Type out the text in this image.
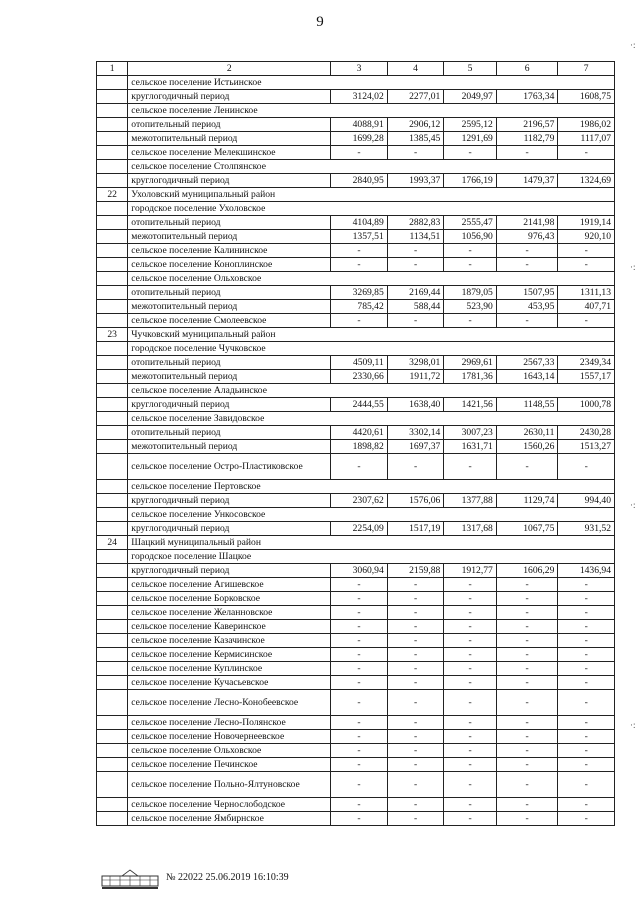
9
1	2	3	4	5	6	7
	сельское поселение Истьинское					
	круглогодичный период	3124,02	2277,01	2049,97	1763,34	1608,75
	сельское поселение Ленинское					
	отопительный период	4088,91	2906,12	2595,12	2196,57	1986,02
	межотопительный период	1699,28	1385,45	1291,69	1182,79	1117,07
	сельское поселение Мелекшинское	-	-	-	-	-
	сельское поселение Столпянское					
	круглогодичный период	2840,95	1993,37	1766,19	1479,37	1324,69
22	Ухоловский муниципальный район					
	городское поселение Ухоловское					
	отопительный период	4104,89	2882,83	2555,47	2141,98	1919,14
	межотопительный период	1357,51	1134,51	1056,90	976,43	920,10
	сельское поселение Калининское	-	-	-	-	-
	сельское поселение Коноплинское	-	-	-	-	-
	сельское поселение Ольховское					
	отопительный период	3269,85	2169,44	1879,05	1507,95	1311,13
	межотопительный период	785,42	588,44	523,90	453,95	407,71
	сельское поселение Смолеевское	-	-	-	-	-
23	Чучковский муниципальный район					
	городское поселение Чучковское					
	отопительный период	4509,11	3298,01	2969,61	2567,33	2349,34
	межотопительный период	2330,66	1911,72	1781,36	1643,14	1557,17
	сельское поселение Аладьинское					
	круглогодичный период	2444,55	1638,40	1421,56	1148,55	1000,78
	сельское поселение Завидовское					
	отопительный период	4420,61	3302,14	3007,23	2630,11	2430,28
	межотопительный период	1898,82	1697,37	1631,71	1560,26	1513,27
	сельское поселение Остро-Пластиковское	-	-	-	-	-
	сельское поселение Пертовское					
	круглогодичный период	2307,62	1576,06	1377,88	1129,74	994,40
	сельское поселение Ункосовское					
	круглогодичный период	2254,09	1517,19	1317,68	1067,75	931,52
24	Шацкий муниципальный район					
	городское поселение Шацкое					
	круглогодичный период	3060,94	2159,88	1912,77	1606,29	1436,94
	сельское поселение Агишевское	-	-	-	-	-
	сельское поселение Борковское	-	-	-	-	-
	сельское поселение Желанновское	-	-	-	-	-
	сельское поселение Каверинское	-	-	-	-	-
	сельское поселение Казачинское	-	-	-	-	-
	сельское поселение Кермисинское	-	-	-	-	-
	сельское поселение Куплинское	-	-	-	-	-
	сельское поселение Кучасьевское	-	-	-	-	-
	сельское поселение Лесно-Конобеевское	-	-	-	-	-
	сельское поселение Лесно-Полянское	-	-	-	-	-
	сельское поселение Новочернеевское	-	-	-	-	-
	сельское поселение Ольховское	-	-	-	-	-
	сельское поселение Печинское	-	-	-	-	-
	сельское поселение Польно-Ялтуновское	-	-	-	-	-
	сельское поселение Чернослободское	-	-	-	-	-
	сельское поселение Ямбирнское	-	-	-	-	-
№ 22022 25.06.2019 16:10:39
·:
·:
·:
·:
